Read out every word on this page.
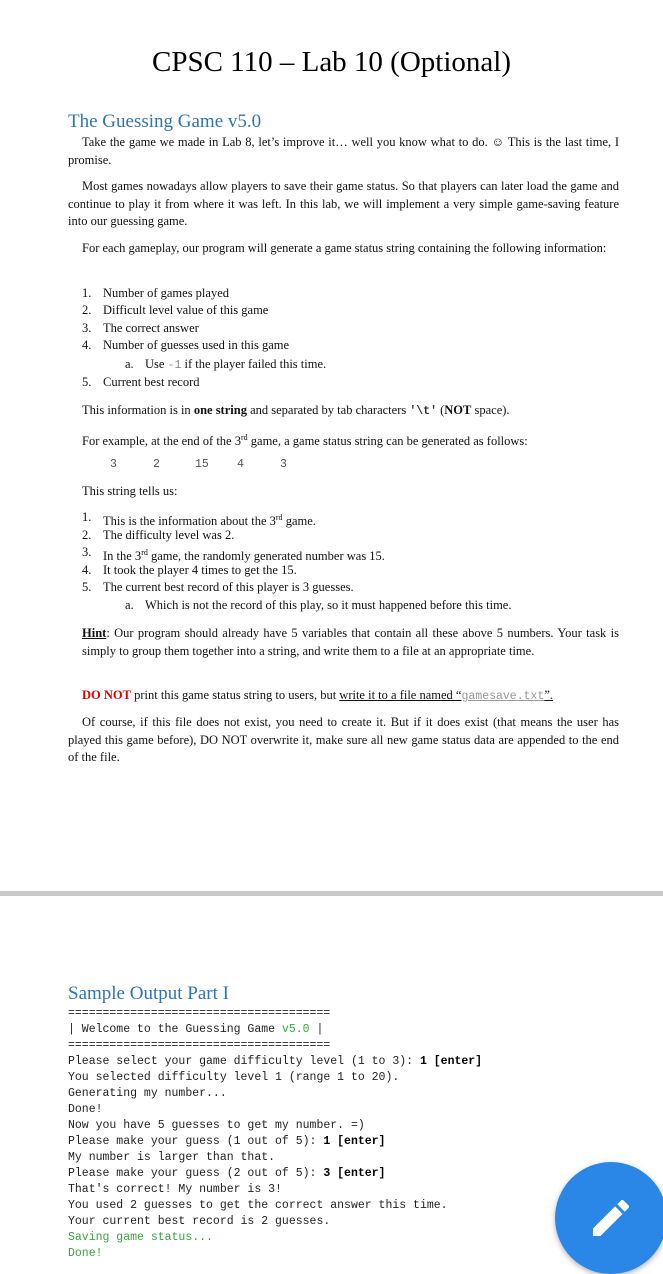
CPSC 110 – Lab 10 (Optional)
The Guessing Game v5.0
Take the game we made in Lab 8, let’s improve it… well you know what to do. ☺ This is the last time, I promise.
Most games nowadays allow players to save their game status. So that players can later load the game and continue to play it from where it was left. In this lab, we will implement a very simple game-saving feature into our guessing game.
For each gameplay, our program will generate a game status string containing the following information:
1. Number of games played
2. Difficult level value of this game
3. The correct answer
4. Number of guesses used in this game
a. Use -1 if the player failed this time.
5. Current best record
This information is in one string and separated by tab characters '\t' (NOT space).
For example, at the end of the 3rd game, a game status string can be generated as follows:
3	2	15 4	3
This string tells us:
1. This is the information about the 3rd game.
2. The difficulty level was 2.
3. In the 3rd game, the randomly generated number was 15.
4. It took the player 4 times to get the 15.
5. The current best record of this player is 3 guesses.
a. Which is not the record of this play, so it must happened before this time.
Hint: Our program should already have 5 variables that contain all these above 5 numbers. Your task is simply to group them together into a string, and write them to a file at an appropriate time.
DO NOT print this game status string to users, but write it to a file named “gamesave.txt”.
Of course, if this file does not exist, you need to create it. But if it does exist (that means the user has played this game before), DO NOT overwrite it, make sure all new game status data are appended to the end of the file.
Sample Output Part I
======================================
| Welcome to the Guessing Game v5.0 |
======================================
Please select your game difficulty level (1 to 3): 1 [enter]
You selected difficulty level 1 (range 1 to 20).
Generating my number...
Done!
Now you have 5 guesses to get my number. =)
Please make your guess (1 out of 5): 1 [enter]
My number is larger than that.
Please make your guess (2 out of 5): 3 [enter]
That's correct! My number is 3!
You used 2 guesses to get the correct answer this time.
Your current best record is 2 guesses.
Saving game status...
Done!
